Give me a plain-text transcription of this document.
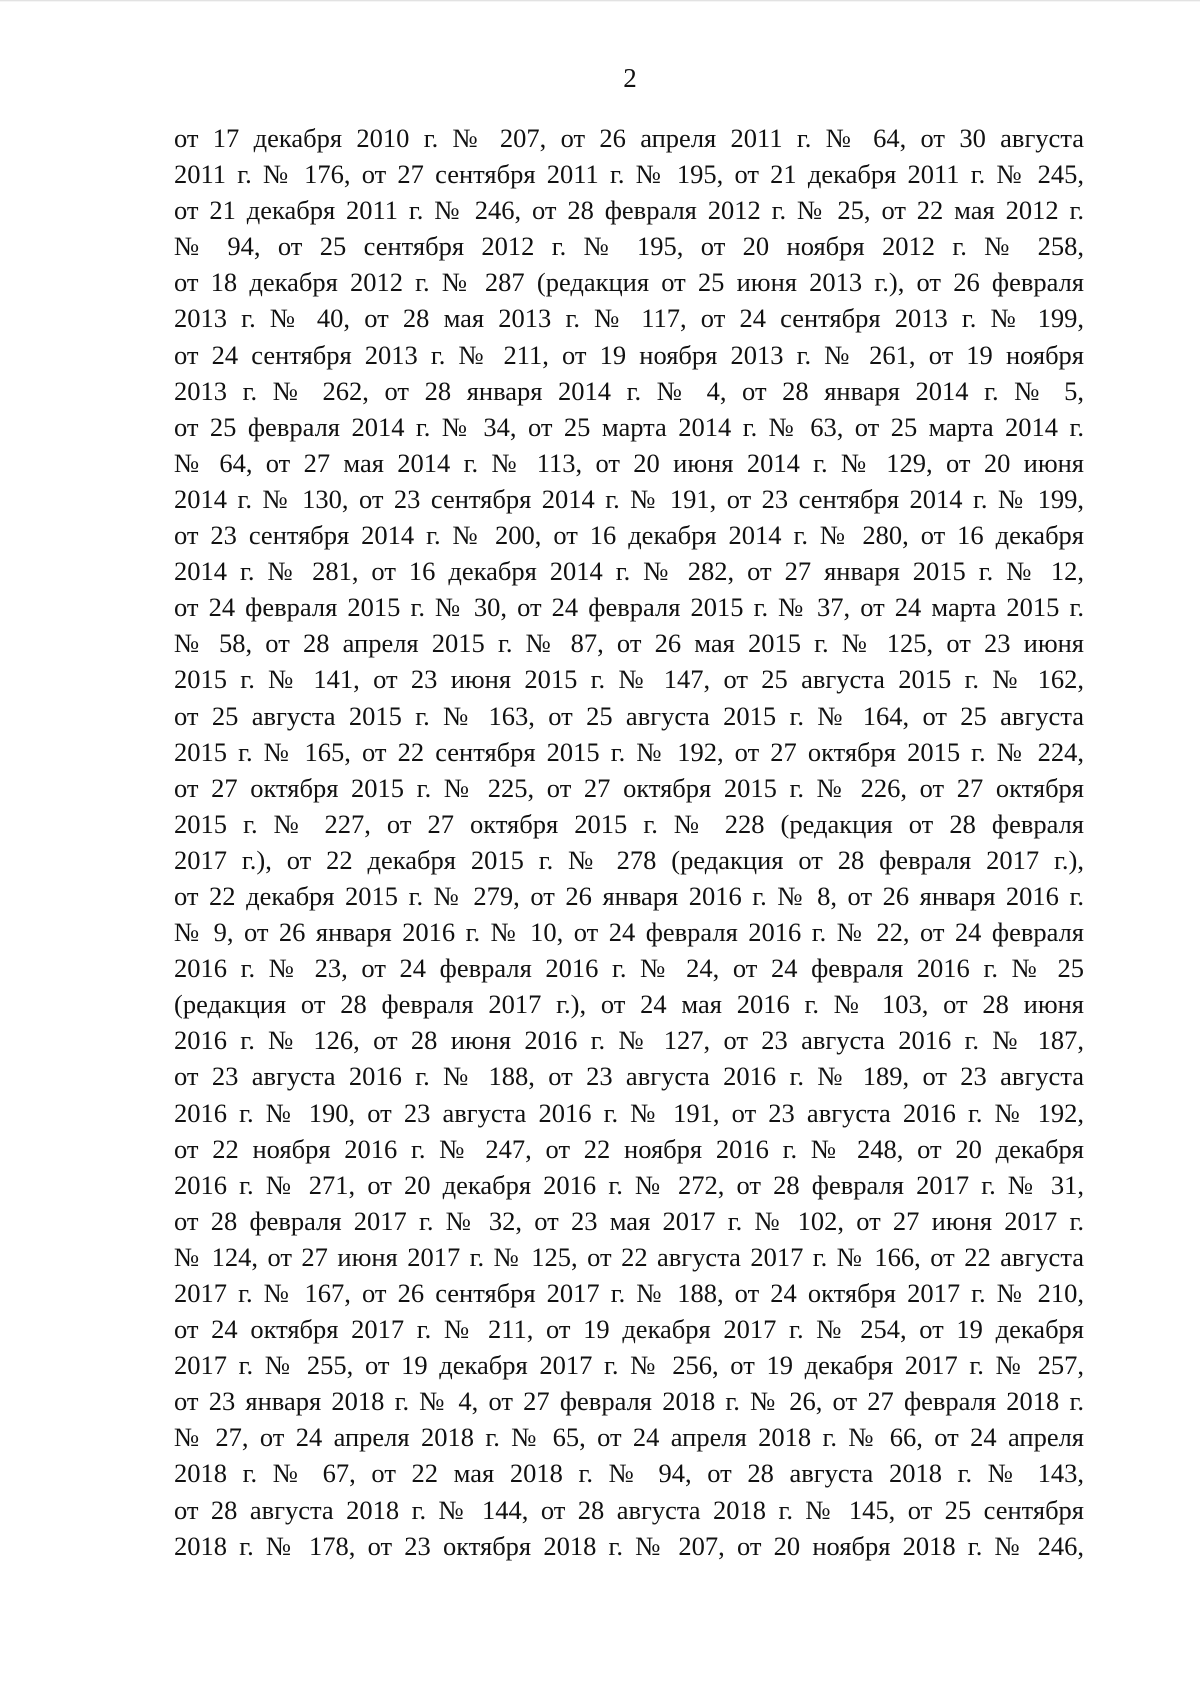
2
от 17 декабря 2010 г. № 207, от 26 апреля 2011 г. № 64, от 30 августа
2011 г. № 176, от 27 сентября 2011 г. № 195, от 21 декабря 2011 г. № 245,
от 21 декабря 2011 г. № 246, от 28 февраля 2012 г. № 25, от 22 мая 2012 г.
№ 94, от 25 сентября 2012 г. № 195, от 20 ноября 2012 г. № 258,
от 18 декабря 2012 г. № 287 (редакция от 25 июня 2013 г.), от 26 февраля
2013 г. № 40, от 28 мая 2013 г. № 117, от 24 сентября 2013 г. № 199,
от 24 сентября 2013 г. № 211, от 19 ноября 2013 г. № 261, от 19 ноября
2013 г. № 262, от 28 января 2014 г. № 4, от 28 января 2014 г. № 5,
от 25 февраля 2014 г. № 34, от 25 марта 2014 г. № 63, от 25 марта 2014 г.
№ 64, от 27 мая 2014 г. № 113, от 20 июня 2014 г. № 129, от 20 июня
2014 г. № 130, от 23 сентября 2014 г. № 191, от 23 сентября 2014 г. № 199,
от 23 сентября 2014 г. № 200, от 16 декабря 2014 г. № 280, от 16 декабря
2014 г. № 281, от 16 декабря 2014 г. № 282, от 27 января 2015 г. № 12,
от 24 февраля 2015 г. № 30, от 24 февраля 2015 г. № 37, от 24 марта 2015 г.
№ 58, от 28 апреля 2015 г. № 87, от 26 мая 2015 г. № 125, от 23 июня
2015 г. № 141, от 23 июня 2015 г. № 147, от 25 августа 2015 г. № 162,
от 25 августа 2015 г. № 163, от 25 августа 2015 г. № 164, от 25 августа
2015 г. № 165, от 22 сентября 2015 г. № 192, от 27 октября 2015 г. № 224,
от 27 октября 2015 г. № 225, от 27 октября 2015 г. № 226, от 27 октября
2015 г. № 227, от 27 октября 2015 г. № 228 (редакция от 28 февраля
2017 г.), от 22 декабря 2015 г. № 278 (редакция от 28 февраля 2017 г.),
от 22 декабря 2015 г. № 279, от 26 января 2016 г. № 8, от 26 января 2016 г.
№ 9, от 26 января 2016 г. № 10, от 24 февраля 2016 г. № 22, от 24 февраля
2016 г. № 23, от 24 февраля 2016 г. № 24, от 24 февраля 2016 г. № 25
(редакция от 28 февраля 2017 г.), от 24 мая 2016 г. № 103, от 28 июня
2016 г. № 126, от 28 июня 2016 г. № 127, от 23 августа 2016 г. № 187,
от 23 августа 2016 г. № 188, от 23 августа 2016 г. № 189, от 23 августа
2016 г. № 190, от 23 августа 2016 г. № 191, от 23 августа 2016 г. № 192,
от 22 ноября 2016 г. № 247, от 22 ноября 2016 г. № 248, от 20 декабря
2016 г. № 271, от 20 декабря 2016 г. № 272, от 28 февраля 2017 г. № 31,
от 28 февраля 2017 г. № 32, от 23 мая 2017 г. № 102, от 27 июня 2017 г.
№ 124, от 27 июня 2017 г. № 125, от 22 августа 2017 г. № 166, от 22 августа
2017 г. № 167, от 26 сентября 2017 г. № 188, от 24 октября 2017 г. № 210,
от 24 октября 2017 г. № 211, от 19 декабря 2017 г. № 254, от 19 декабря
2017 г. № 255, от 19 декабря 2017 г. № 256, от 19 декабря 2017 г. № 257,
от 23 января 2018 г. № 4, от 27 февраля 2018 г. № 26, от 27 февраля 2018 г.
№ 27, от 24 апреля 2018 г. № 65, от 24 апреля 2018 г. № 66, от 24 апреля
2018 г. № 67, от 22 мая 2018 г. № 94, от 28 августа 2018 г. № 143,
от 28 августа 2018 г. № 144, от 28 августа 2018 г. № 145, от 25 сентября
2018 г. № 178, от 23 октября 2018 г. № 207, от 20 ноября 2018 г. № 246,
